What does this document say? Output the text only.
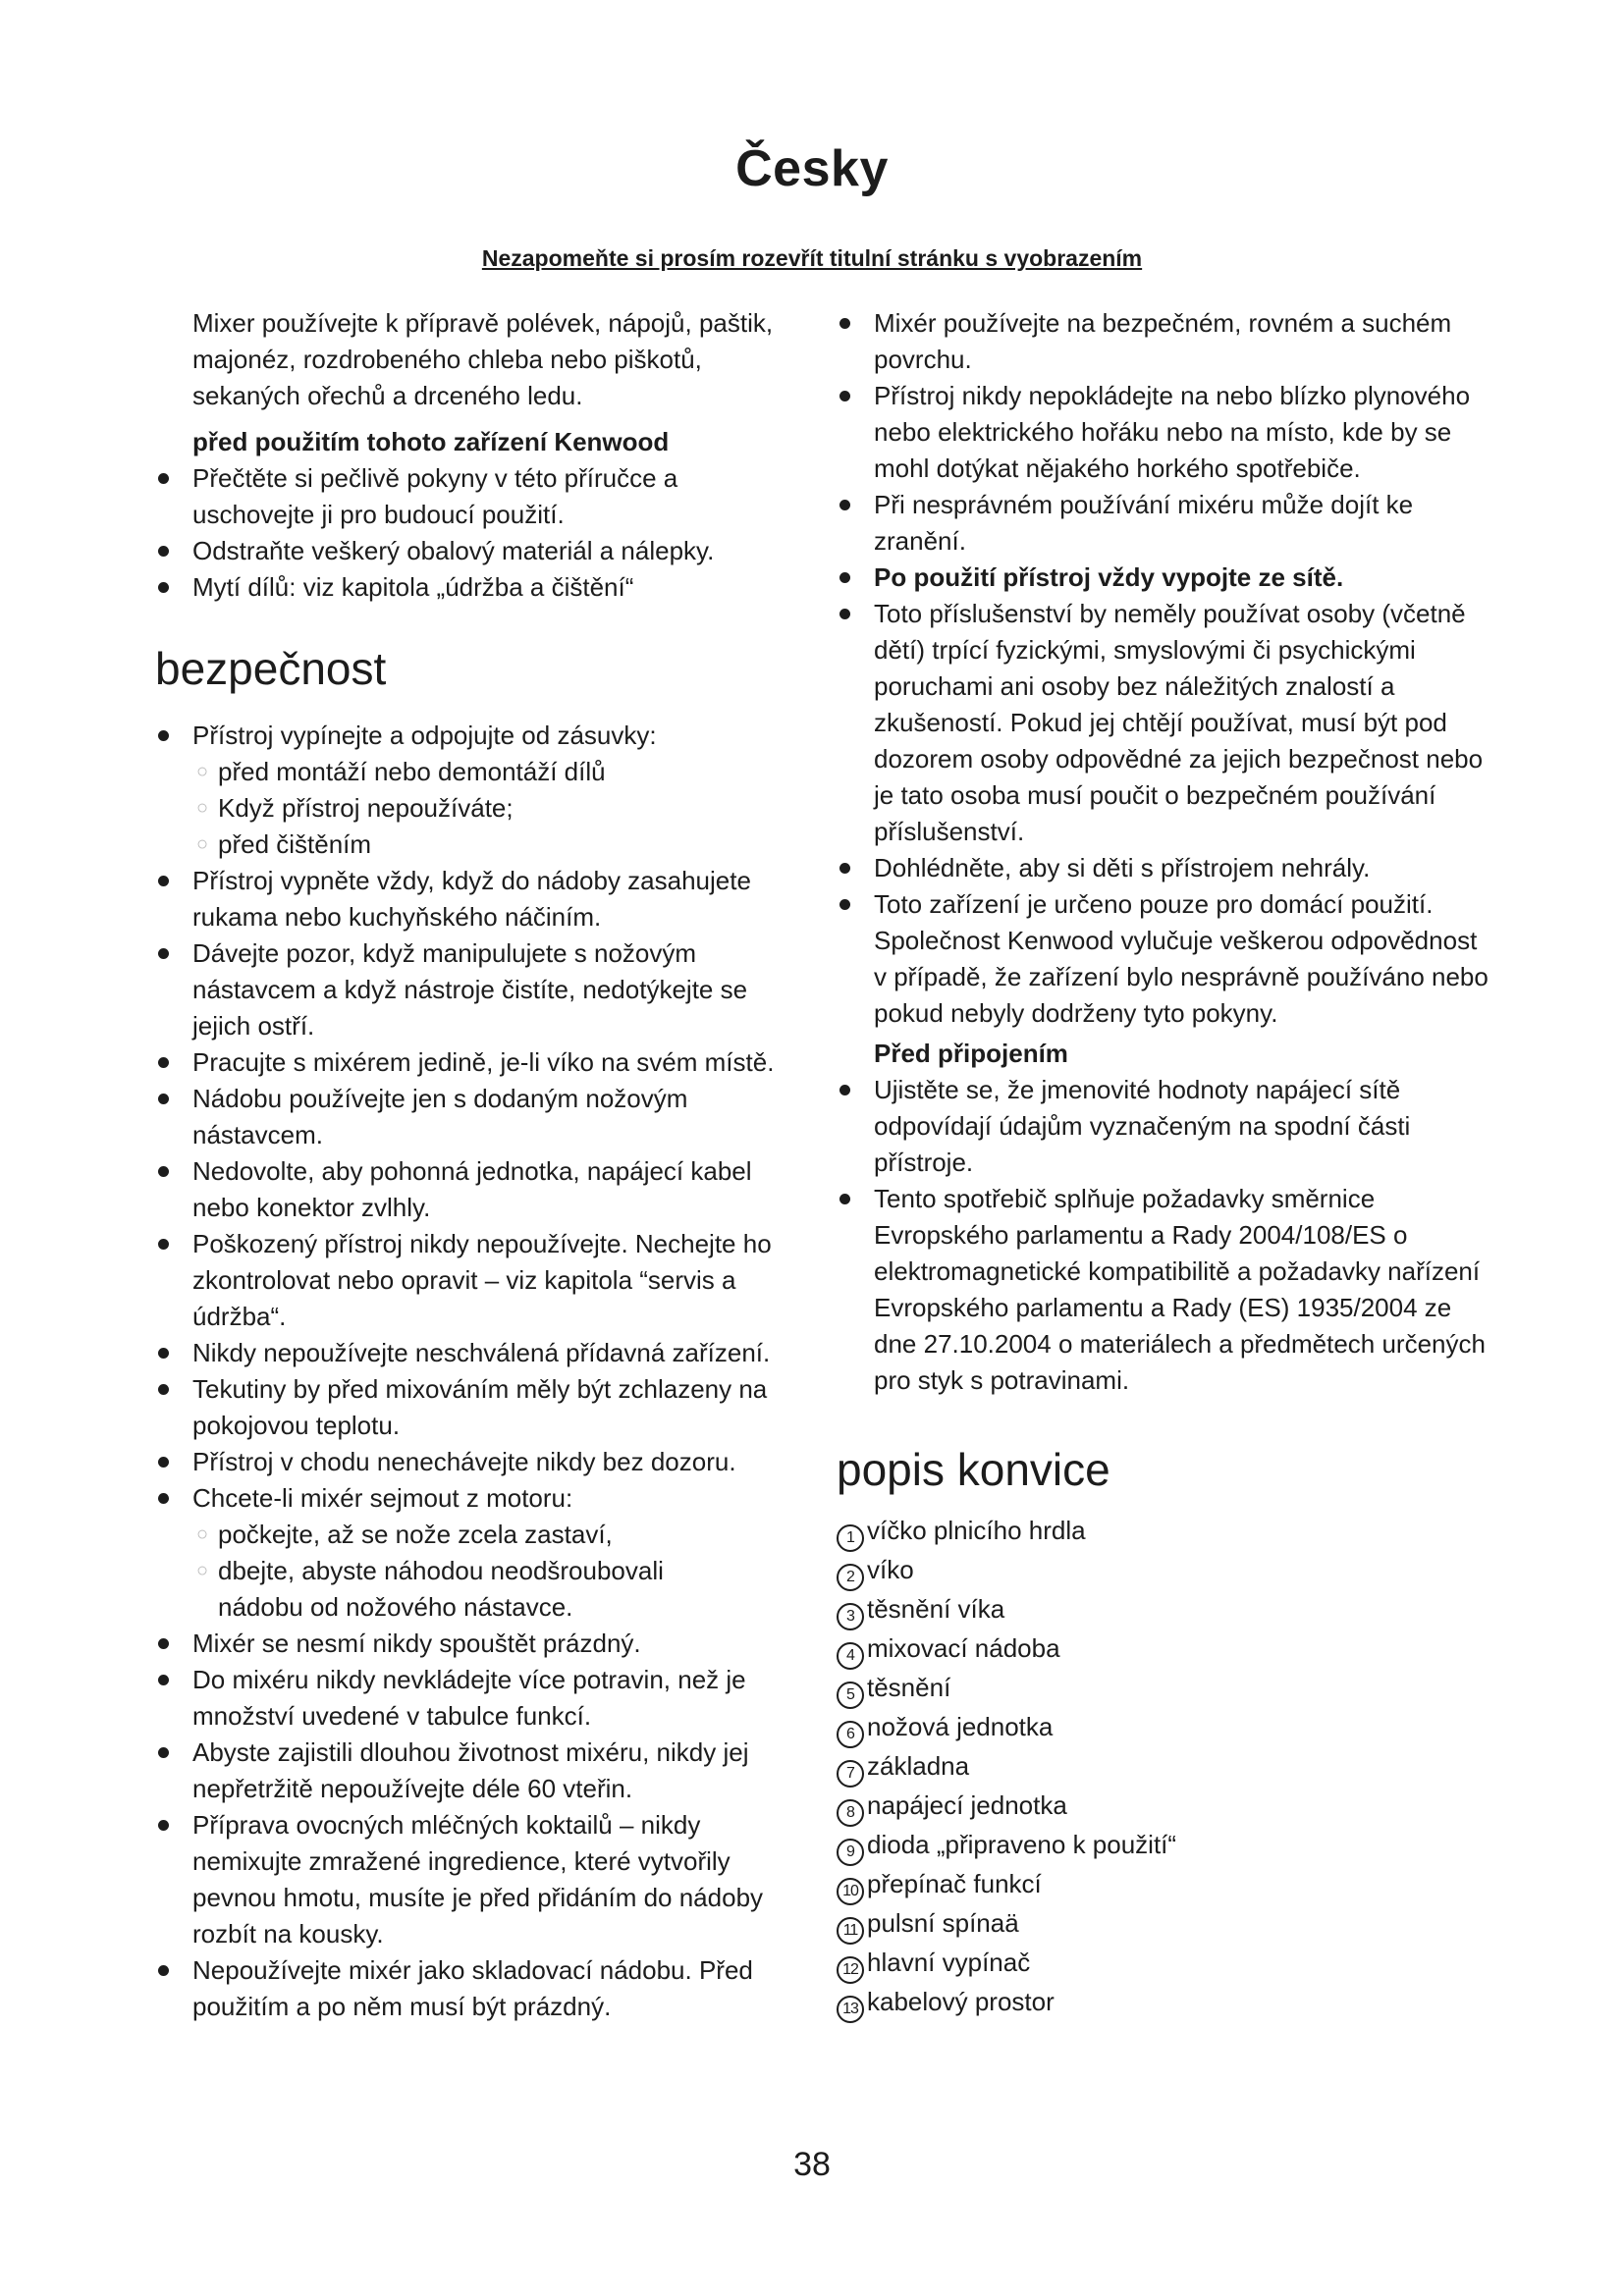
Česky
Nezapomeňte si prosím rozevřít titulní stránku s vyobrazením
Mixer používejte k přípravě polévek, nápojů, paštik, majonéz, rozdrobeného chleba nebo piškotů, sekaných ořechů a drceného ledu.
před použitím tohoto zařízení Kenwood
Přečtěte si pečlivě pokyny v této příručce a uschovejte ji pro budoucí použití.
Odstraňte veškerý obalový materiál a nálepky.
Mytí dílů: viz kapitola „údržba a čištění“
bezpečnost
Přístroj vypínejte a odpojujte od zásuvky:
○ před montáží nebo demontáží dílů
○ Když přístroj nepoužíváte;
○ před čištěním
Přístroj vypněte vždy, když do nádoby zasahujete rukama nebo kuchyňského náčiním.
Dávejte pozor, když manipulujete s nožovým nástavcem a když nástroje čistíte, nedotýkejte se jejich ostří.
Pracujte s mixérem jedině, je-li víko na svém místě.
Nádobu používejte jen s dodaným nožovým nástavcem.
Nedovolte, aby pohonná jednotka, napájecí kabel nebo konektor zvlhly.
Poškozený přístroj nikdy nepoužívejte. Nechejte ho zkontrolovat nebo opravit – viz kapitola “servis a údržba“.
Nikdy nepoužívejte neschválená přídavná zařízení.
Tekutiny by před mixováním měly být zchlazeny na pokojovou teplotu.
Přístroj v chodu nenechávejte nikdy bez dozoru.
Chcete-li mixér sejmout z motoru:
○ počkejte, až se nože zcela zastaví,
○ dbejte, abyste náhodou neodšroubovali
nádobu od nožového nástavce.
Mixér se nesmí nikdy spouštět prázdný.
Do mixéru nikdy nevkládejte více potravin, než je množství uvedené v tabulce funkcí.
Abyste zajistili dlouhou životnost mixéru, nikdy jej nepřetržitě nepoužívejte déle 60 vteřin.
Příprava ovocných mléčných koktailů – nikdy nemixujte zmražené ingredience, které vytvořily pevnou hmotu, musíte je před přidáním do nádoby rozbít na kousky.
Nepoužívejte mixér jako skladovací nádobu. Před použitím a po něm musí být prázdný.
Mixér používejte na bezpečném, rovném a suchém povrchu.
Přístroj nikdy nepokládejte na nebo blízko plynového nebo elektrického hořáku nebo na místo, kde by se mohl dotýkat nějakého horkého spotřebiče.
Při nesprávném používání mixéru může dojít ke zranění.
Po použití přístroj vždy vypojte ze sítě.
Toto příslušenství by neměly používat osoby (včetně dětí) trpící fyzickými, smyslovými či psychickými poruchami ani osoby bez náležitých znalostí a zkušeností. Pokud jej chtějí používat, musí být pod dozorem osoby odpovědné za jejich bezpečnost nebo je tato osoba musí poučit o bezpečném používání příslušenství.
Dohlédněte, aby si děti s přístrojem nehrály.
Toto zařízení je určeno pouze pro domácí použití. Společnost Kenwood vylučuje veškerou odpovědnost v případě, že zařízení bylo nesprávně používáno nebo pokud nebyly dodrženy tyto pokyny.
Před připojením
Ujistěte se, že jmenovité hodnoty napájecí sítě odpovídají údajům vyznačeným na spodní části přístroje.
Tento spotřebič splňuje požadavky směrnice Evropského parlamentu a Rady 2004/108/ES o elektromagnetické kompatibilitě a požadavky nařízení Evropského parlamentu a Rady (ES) 1935/2004 ze dne 27.10.2004 o materiálech a předmětech určených pro styk s potravinami.
popis konvice
1 víčko plnicího hrdla
2 víko
3 těsnění víka
4 mixovací nádoba
5 těsnění
6 nožová jednotka
7 základna
8 napájecí jednotka
9 dioda „připraveno k použití“
10 přepínač funkcí
11 pulsní spínaä
12 hlavní vypínač
13 kabelový prostor
38
